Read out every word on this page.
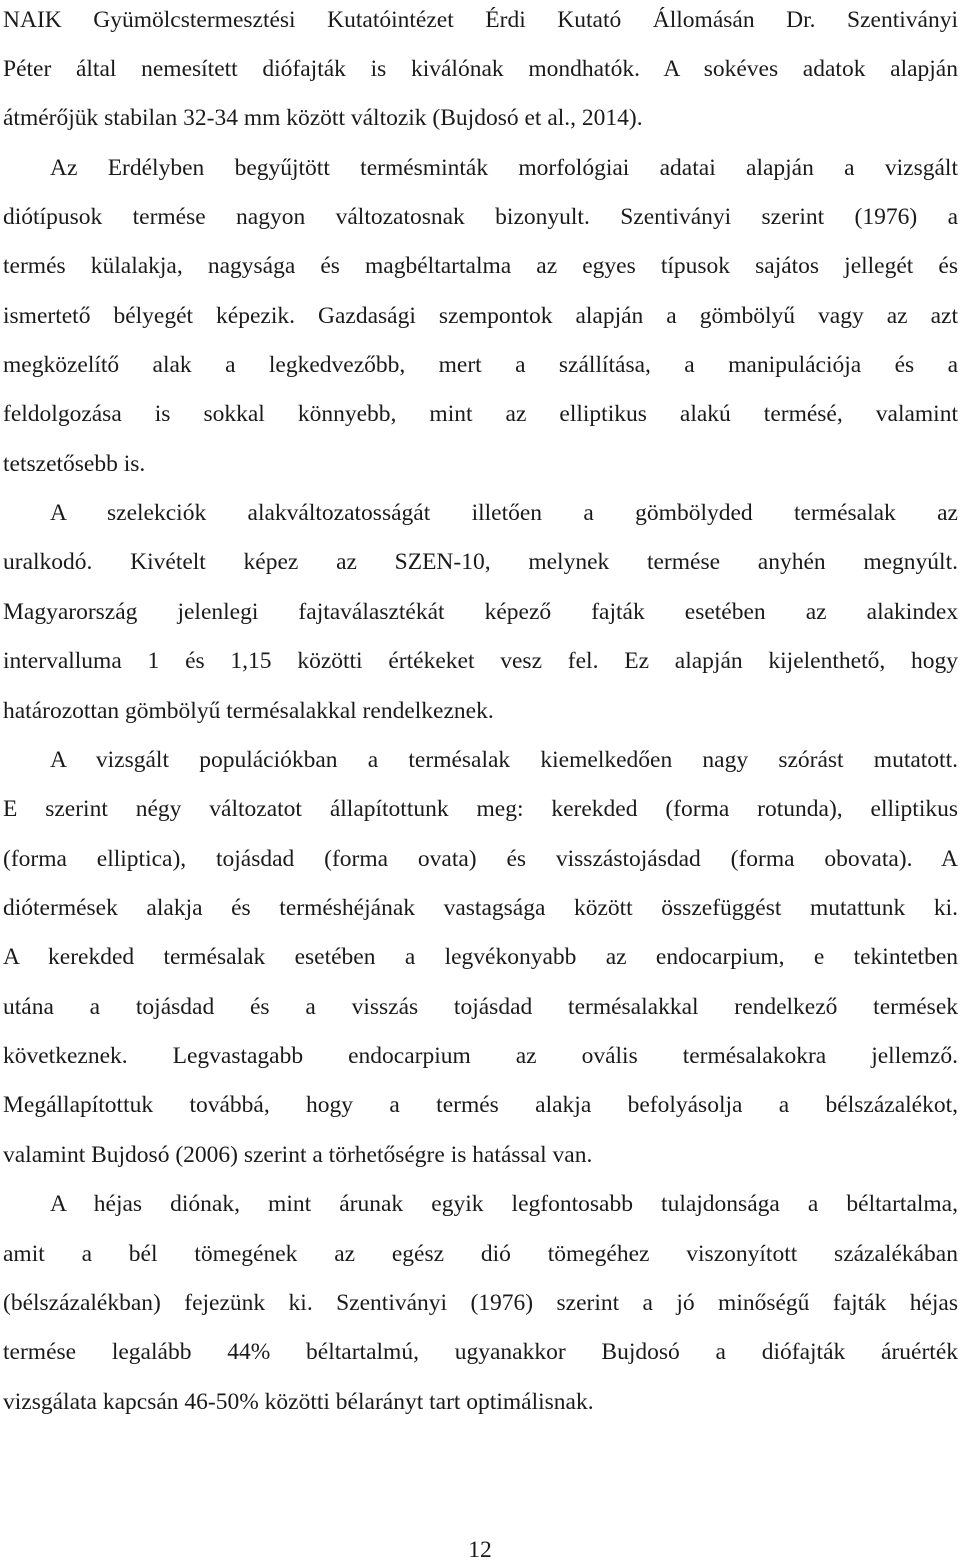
NAIK Gyümölcstermesztési Kutatóintézet Érdi Kutató Állomásán Dr. Szentiványi

Péter által nemesített diófajták is kiválónak mondhatók. A sokéves adatok alapján

átmérőjük stabilan 32-34 mm között változik (Bujdosó et al., 2014).

Az Erdélyben begyűjtött termésminták morfológiai adatai alapján a vizsgált

diótípusok termése nagyon változatosnak bizonyult. Szentiványi szerint (1976) a

termés külalakja, nagysága és magbéltartalma az egyes típusok sajátos jellegét és

ismertető bélyegét képezik. Gazdasági szempontok alapján a gömbölyű vagy az azt

megközelítő alak a legkedvezőbb, mert a szállítása, a manipulációja és a

feldolgozása is sokkal könnyebb, mint az elliptikus alakú termésé, valamint

tetszetősebb is.

A szelekciók alakváltozatosságát illetően a gömbölyded termésalak az

uralkodó. Kivételt képez az SZEN-10, melynek termése anyhén megnyúlt.

Magyarország jelenlegi fajtaválasztékát képező fajták esetében az alakindex

intervalluma 1 és 1,15 közötti értékeket vesz fel. Ez alapján kijelenthető, hogy

határozottan gömbölyű termésalakkal rendelkeznek.

A vizsgált populációkban a termésalak kiemelkedően nagy szórást mutatott.

E szerint négy változatot állapítottunk meg: kerekded (forma rotunda), elliptikus

(forma elliptica), tojásdad (forma ovata) és visszástojásdad (forma obovata). A

diótermések alakja és terméshéjának vastagsága között összefüggést mutattunk ki.

A kerekded termésalak esetében a legvékonyabb az endocarpium, e tekintetben

utána a tojásdad és a visszás tojásdad termésalakkal rendelkező termések

következnek. Legvastagabb endocarpium az ovális termésalakokra jellemző.

Megállapítottuk továbbá, hogy a termés alakja befolyásolja a bélszázalékot,

valamint Bujdosó (2006) szerint a törhetőségre is hatással van.

A héjas diónak, mint árunak egyik legfontosabb tulajdonsága a béltartalma,

amit a bél tömegének az egész dió tömegéhez viszonyított százalékában

(bélszázalékban) fejezünk ki. Szentiványi (1976) szerint a jó minőségű fajták héjas

termése legalább 44% béltartalmú, ugyanakkor Bujdosó a diófajták áruérték

vizsgálata kapcsán 46-50% közötti bélarányt tart optimálisnak.

12
